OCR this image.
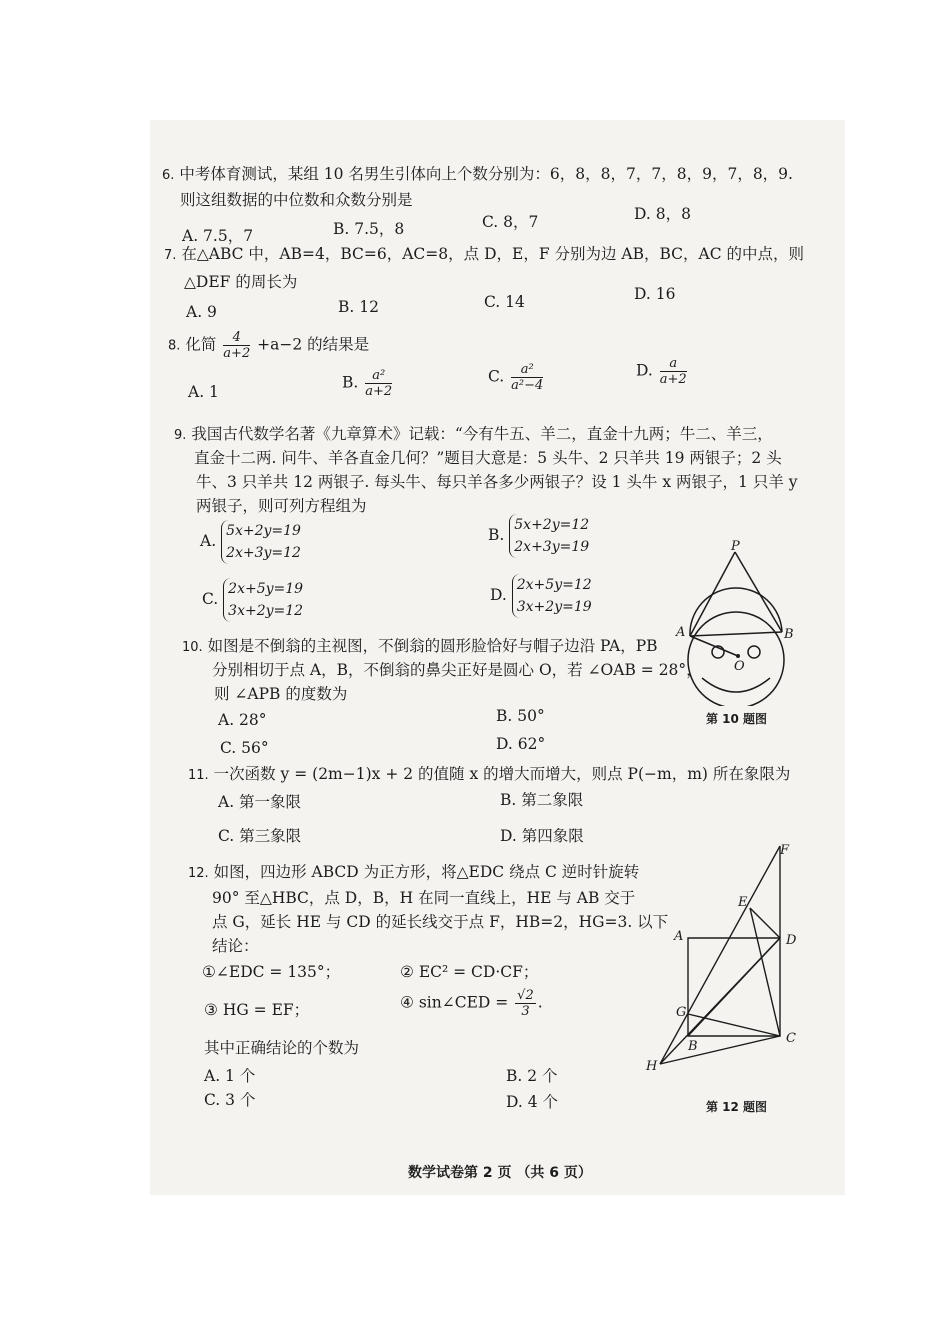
6. 中考体育测试，某组 10 名男生引体向上个数分别为：6，8，8，7，7，8，9，7，8，9.
则这组数据的中位数和众数分别是
A. 7.5，7	B. 7.5，8	C. 8，7	D. 8，8
7. 在△ABC 中，AB=4，BC=6，AC=8，点 D，E，F 分别为边 AB，BC，AC 的中点，则
△DEF 的周长为
A. 9	B. 12	C. 14	D. 16
8. 化简 $\frac{4}{a+2} +a-2$ 的结果是
A. 1
B. $\frac{\text{a²}}{a+2}$	C. $\frac{\text{a²}}{\text{a²−4}}$	D. $\frac{a}{a+2}$
9. 我国古代数学名著《九章算术》记载：“今有牛五、羊二，直金十九两；牛二、羊三，
直金十二两. 问牛、羊各直金几何？”题目大意是：5 头牛、2 只羊共 19 两银子；2 头
牛、3 只羊共 12 两银子. 每头牛、每只羊各多少两银子？设 1 头牛 x 两银子，1 只羊 y
两银子，则可列方程组为
A. 5x+2y=19
2x+3y=12
B. 5x+2y=12
2x+3y=19
C. 2x+5y=19
3x+2y=12
D. 2x+5y=12
3x+2y=19
P
A	B
O
第 10 题图
10. 如图是不倒翁的主视图，不倒翁的圆形脸恰好与帽子边沿 PA，PB
分别相切于点 A，B，不倒翁的鼻尖正好是圆心 O，若 ∠OAB = 28°，
则 ∠APB 的度数为
A. 28°	B. 50°
C. 56°	D. 62°
11. 一次函数 y = (2m−1)x + 2 的值随 x 的增大而增大，则点 P(−m，m) 所在象限为
A. 第一象限	B. 第二象限
C. 第三象限	D. 第四象限
12. 如图，四边形 ABCD 为正方形，将△EDC 绕点 C 逆时针旋转
90° 至△HBC，点 D，B，H 在同一直线上，HE 与 AB 交于
点 G，延长 HE 与 CD 的延长线交于点 F，HB=2，HG=3. 以下
结论：
①∠EDC = 135°；	② EC² = CD·CF；
③ HG = EF；	④ sin∠CED = $\frac{√2}{3}$ .
其中正确结论的个数为
A. 1 个	B. 2 个
C. 3 个	D. 4 个
F
E
A	D
G
B
C
H
第 12 题图
数学试卷第 2 页 （共 6 页）
